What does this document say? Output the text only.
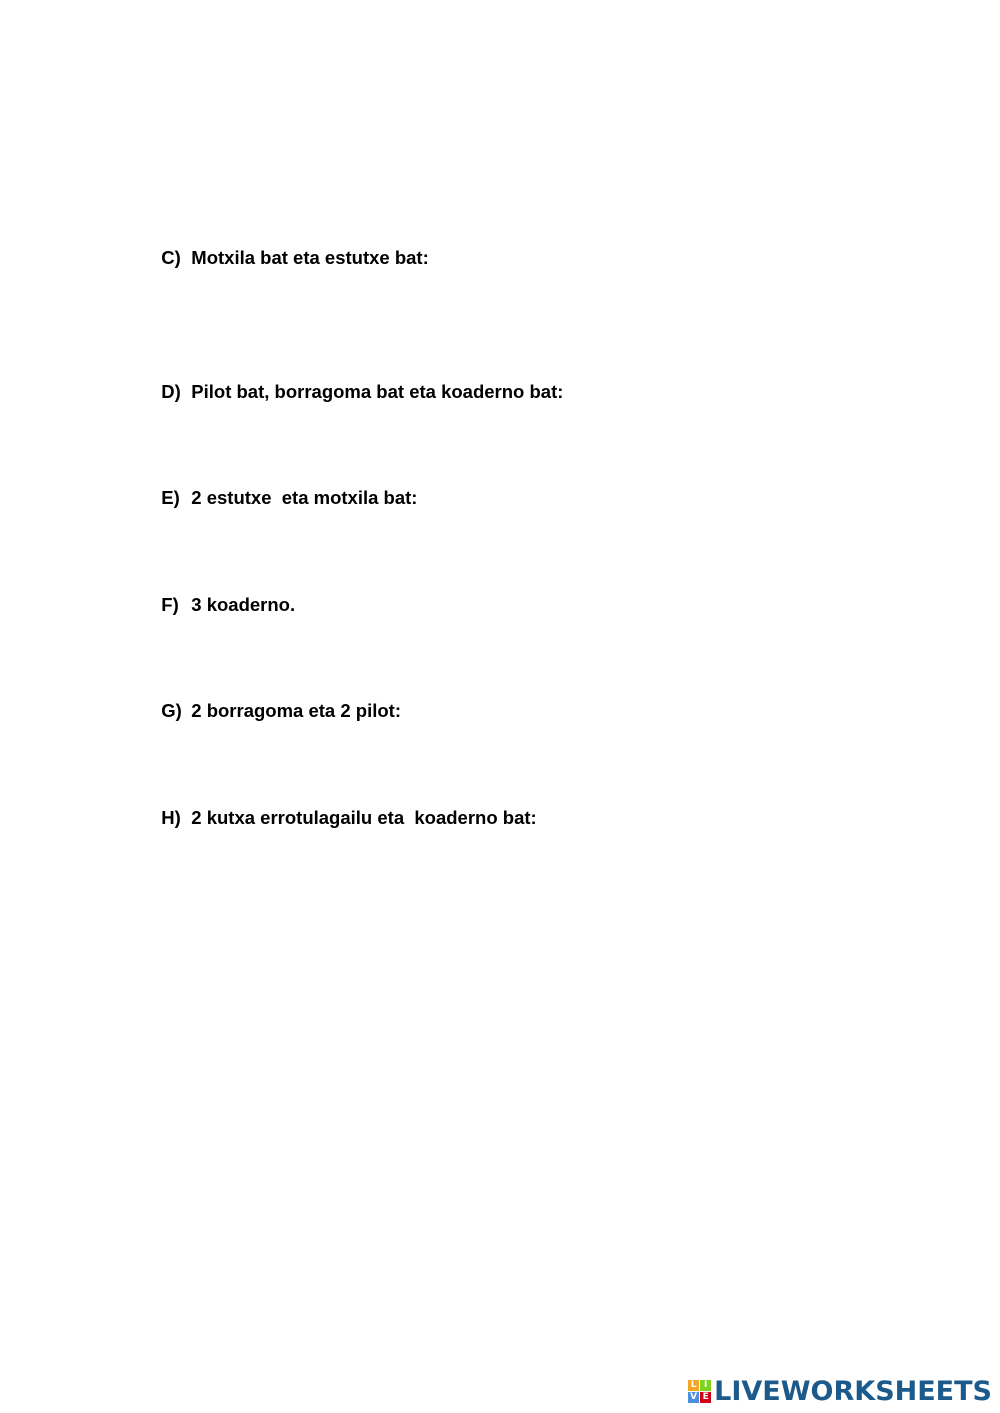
C) Motxila bat eta estutxe bat:

D) Pilot bat, borragoma bat eta koaderno bat:

E) 2 estutxe  eta motxila bat:

F) 3 koaderno.

G) 2 borragoma eta 2 pilot:

H) 2 kutxa errotulagailu eta  koaderno bat:

L I
V E LIVEWORKSHEETS
